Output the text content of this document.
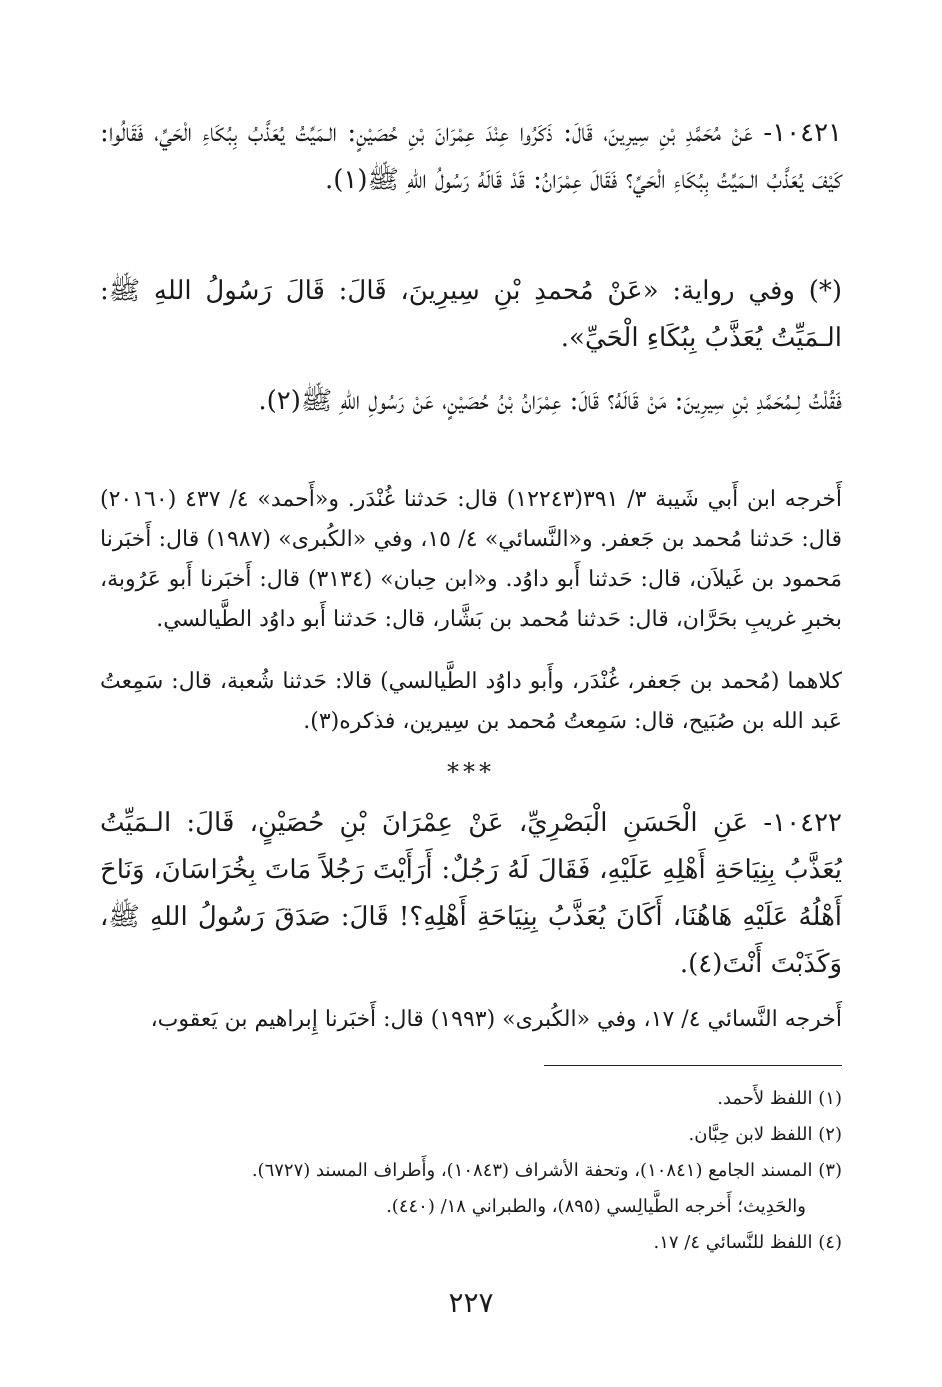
١٠٤٢١- عَنْ مُحَمَّدِ بْنِ سِيرِينَ، قَالَ: ذَكَرُوا عِنْدَ عِمْرَانَ بْنِ حُصَيْنٍ: الـمَيِّتُ يُعَذَّبُ بِبُكَاءِ الْحَيِّ، فَقَالُوا: كَيْفَ يُعَذَّبُ الـمَيِّتُ بِبُكَاءِ الْحَيِّ؟ فَقَالَ عِمْرَانُ: قَدْ قَالَهُ رَسُولُ اللهِ ﷺ(١).
(*) وفي رواية: «عَنْ مُحمدِ بْنِ سِيرِينَ، قَالَ: قَالَ رَسُولُ اللهِ ﷺ: الـمَيِّتُ يُعَذَّبُ بِبُكَاءِ الْحَيِّ».
فَقُلْتُ لِـمُحَمَّدِ بْنِ سِيرِينَ: مَنْ قَالَهُ؟ قَالَ: عِمْرَانُ بْنُ حُصَيْنٍ، عَنْ رَسُولِ اللهِ ﷺ(٢).
أَخرجه ابن أَبي شَيبة ٣/ ٣٩١(١٢٢٤٣) قال: حَدثنا غُنْدَر. و«أَحمد» ٤/ ٤٣٧ (٢٠١٦٠) قال: حَدثنا مُحمد بن جَعفر. و«النَّسائي» ٤/ ١٥، وفي «الكُبرى» (١٩٨٧) قال: أَخبَرنا مَحمود بن غَيلاَن، قال: حَدثنا أَبو داوُد. و«ابن حِبان» (٣١٣٤) قال: أَخبَرنا أَبو عَرُوبة، بخبرِ غريبِ بحَرَّان، قال: حَدثنا مُحمد بن بَشَّار، قال: حَدثنا أَبو داوُد الطَّيالسي.
كلاهما (مُحمد بن جَعفر، غُنْدَر، وأَبو داوُد الطَّيالسي) قالا: حَدثنا شُعبة، قال: سَمِعتُ عَبد الله بن صُبَيح، قال: سَمِعتُ مُحمد بن سِيرين، فذكره(٣).
***
١٠٤٢٢- عَنِ الْحَسَنِ الْبَصْرِيِّ، عَنْ عِمْرَانَ بْنِ حُصَيْنٍ، قَالَ: الـمَيِّتُ يُعَذَّبُ بِنِيَاحَةِ أَهْلِهِ عَلَيْهِ، فَقَالَ لَهُ رَجُلٌ: أَرَأَيْتَ رَجُلاً مَاتَ بِخُرَاسَانَ، وَنَاحَ أَهْلُهُ عَلَيْهِ هَاهُنَا، أَكَانَ يُعَذَّبُ بِنِيَاحَةِ أَهْلِهِ؟! قَالَ: صَدَقَ رَسُولُ اللهِ ﷺ، وَكَذَبْتَ أَنْتَ(٤).
أَخرجه النَّسائي ٤/ ١٧، وفي «الكُبرى» (١٩٩٣) قال: أَخبَرنا إِبراهيم بن يَعقوب،
(١) اللفظ لأَحمد.
(٢) اللفظ لابن حِبَّان.
(٣) المسند الجامع (١٠٨٤١)، وتحفة الأشراف (١٠٨٤٣)، وأَطراف المسند (٦٧٢٧).
والحَدِيث؛ أَخرجه الطَّيالِسي (٨٩٥)، والطبراني ١٨/ (٤٤٠).
(٤) اللفظ للنَّسائي ٤/ ١٧.
٢٢٧
